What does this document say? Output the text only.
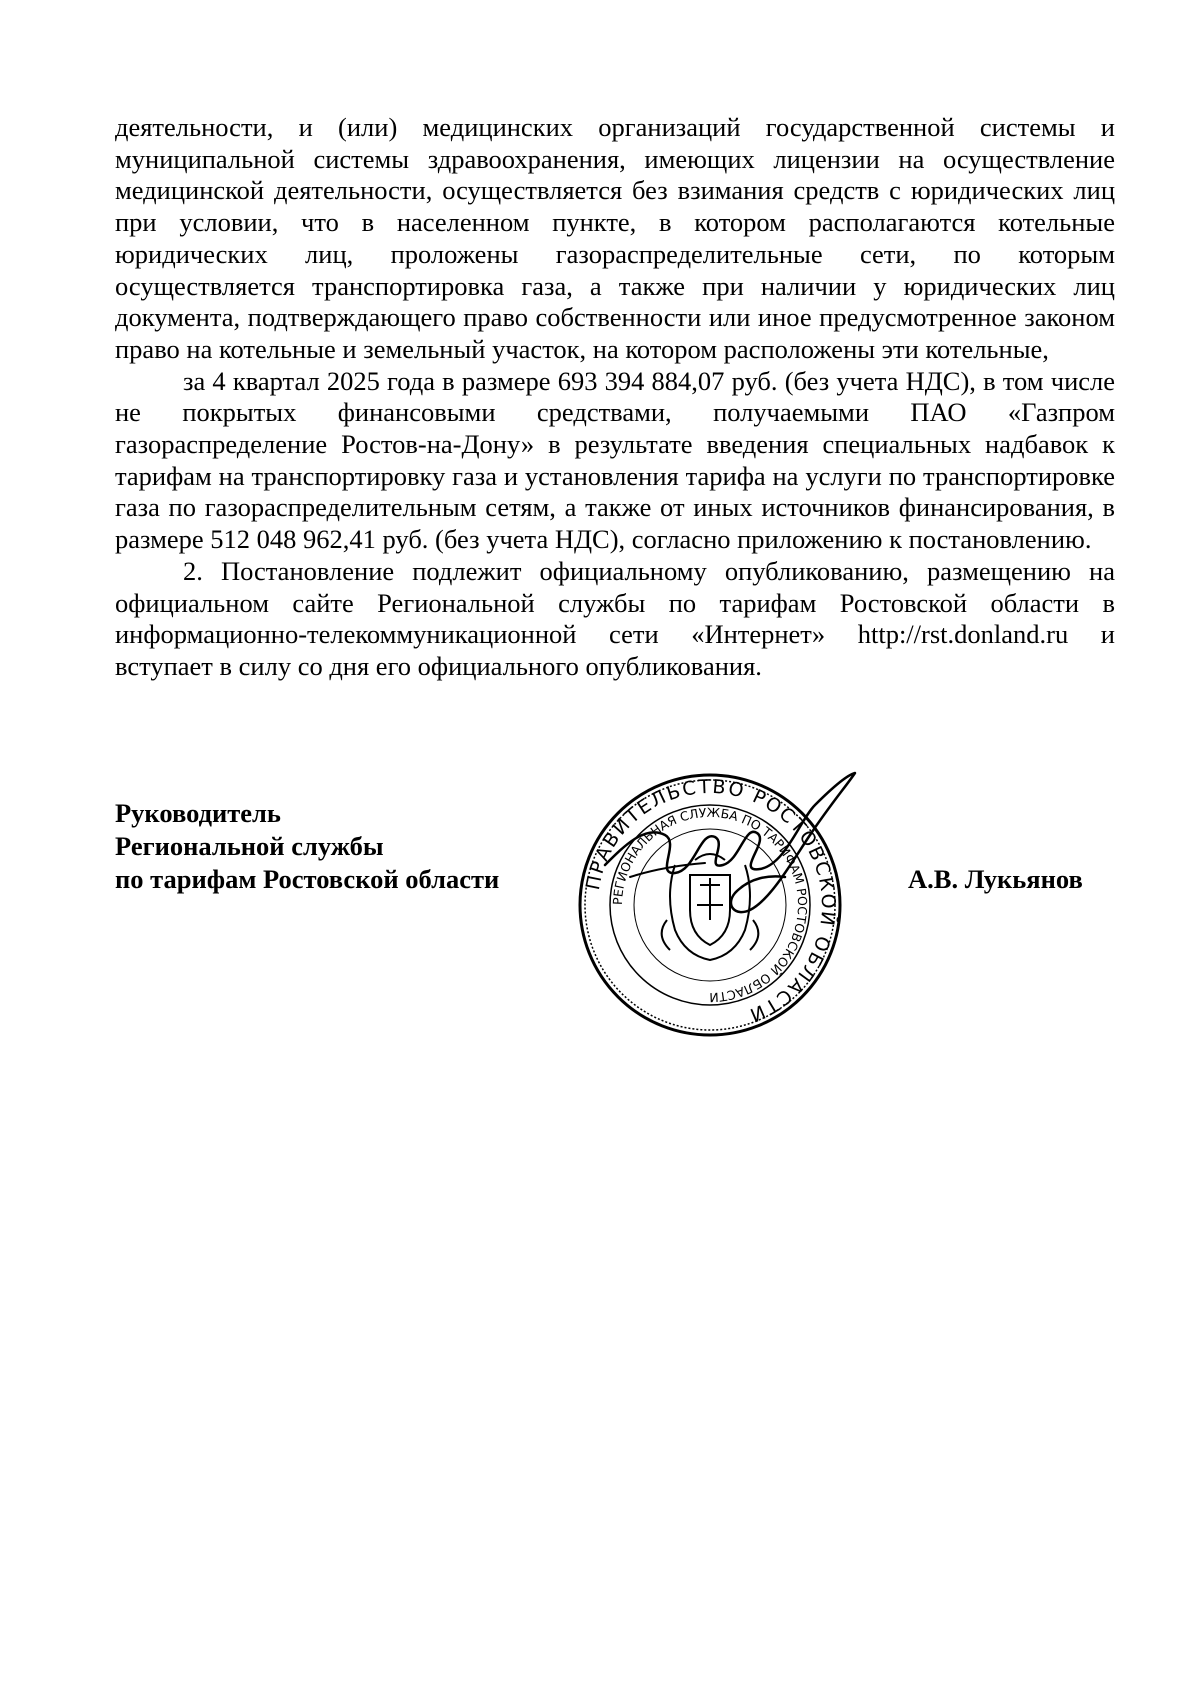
деятельности, и (или) медицинских организаций государственной системы и муниципальной системы здравоохранения, имеющих лицензии на осуществление медицинской деятельности, осуществляется без взимания средств с юридических лиц при условии, что в населенном пункте, в котором располагаются котельные юридических лиц, проложены газораспределительные сети, по которым осуществляется транспортировка газа, а также при наличии у юридических лиц документа, подтверждающего право собственности или иное предусмотренное законом право на котельные и земельный участок, на котором расположены эти котельные,

за 4 квартал 2025 года в размере 693 394 884,07 руб. (без учета НДС), в том числе не покрытых финансовыми средствами, получаемыми ПАО «Газпром газораспределение Ростов-на-Дону» в результате введения специальных надбавок к тарифам на транспортировку газа и установления тарифа на услуги по транспортировке газа по газораспределительным сетям, а также от иных источников финансирования, в размере 512 048 962,41 руб. (без учета НДС), согласно приложению к постановлению.

2. Постановление подлежит официальному опубликованию, размещению на официальном сайте Региональной службы по тарифам Ростовской области в информационно-телекоммуникационной сети «Интернет» http://rst.donland.ru и вступает в силу со дня его официального опубликования.

Руководитель
Региональной службы
по тарифам Ростовской области	ПРАВИТЕЛЬСТВО РОСТОВСКОЙ ОБЛАСТИ
РЕГИОНАЛЬНАЯ СЛУЖБА ПО ТАРИФАМ РОСТОВСКОЙ ОБЛАСТИ
А.В. Лукьянов
